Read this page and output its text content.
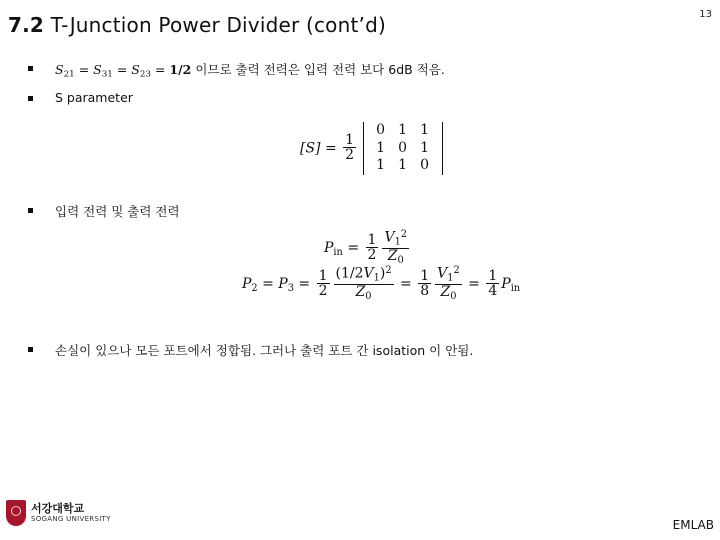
7.2 T-Junction Power Divider (cont’d)	13
$S_{21} = S_{31} = S_{23} = 1/2$ 이므로 출력 전력은 입력 전력 보다 6dB 적음.
S parameter
$[S] = \frac{1}{2}$

0 1 1
1 0 1
1 1 0
입력 전력 및 출력 전력
$P_{in} = \frac{1}{2} \frac{V_1^2}{Z_0}$
$P_2 = P_3 = \frac{1}{2} \frac{(1/2V_1)^2}{Z_0} = \frac{1}{8} \frac{V_1^2}{Z_0} = \frac{1}{4} P_{in}$
손실이 있으나 모든 포트에서 정합됨. 그러나 출력 포트 간 isolation 이 안됨.
서강대학교
SOGANG UNIVERSITY	EMLAB
